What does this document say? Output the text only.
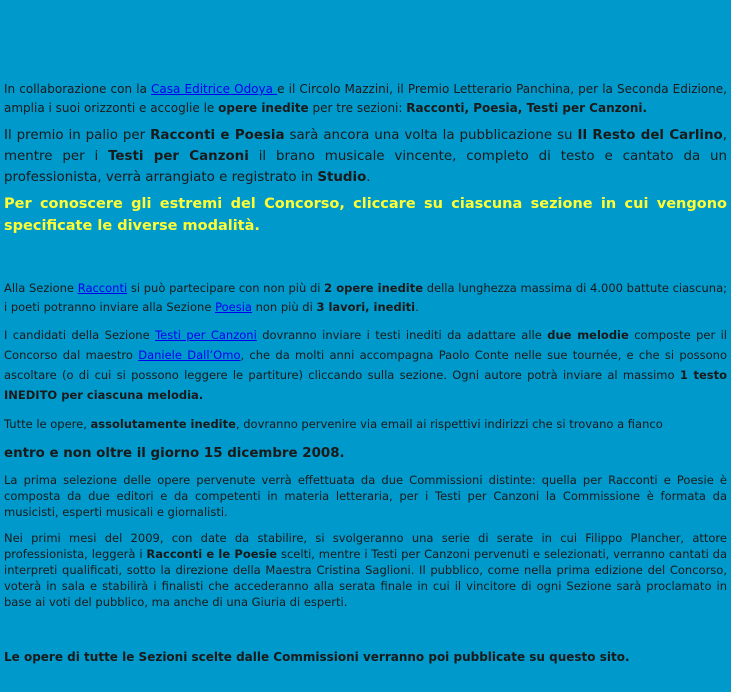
In collaborazione con la Casa Editrice Odoya e il Circolo Mazzini, il Premio Letterario Panchina, per la Seconda Edizione, amplia i suoi orizzonti e accoglie le opere inedite per tre sezioni: Racconti, Poesia, Testi per Canzoni.

Il premio in palio per Racconti e Poesia sarà ancora una volta la pubblicazione su Il Resto del Carlino, mentre per i Testi per Canzoni il brano musicale vincente, completo di testo e cantato da un professionista, verrà arrangiato e registrato in Studio.

Per conoscere gli estremi del Concorso, cliccare su ciascuna sezione in cui vengono specificate le diverse modalità.

Alla Sezione Racconti si può partecipare con non più di 2 opere inedite della lunghezza massima di 4.000 battute ciascuna; i poeti potranno inviare alla Sezione Poesia non più di 3 lavori, inediti.

I candidati della Sezione Testi per Canzoni dovranno inviare i testi inediti da adattare alle due melodie composte per il Concorso dal maestro Daniele Dall’Omo, che da molti anni accompagna Paolo Conte nelle sue tournée, e che si possono ascoltare (o di cui si possono leggere le partiture) cliccando sulla sezione. Ogni autore potrà inviare al massimo 1 testo INEDITO per ciascuna melodia.

Tutte le opere, assolutamente inedite, dovranno pervenire via email ai rispettivi indirizzi che si trovano a fianco

entro e non oltre il giorno 15 dicembre 2008.

La prima selezione delle opere pervenute verrà effettuata da due Commissioni distinte: quella per Racconti e Poesie è composta da due editori e da competenti in materia letteraria, per i Testi per Canzoni la Commissione è formata da musicisti, esperti musicali e giornalisti.

Nei primi mesi del 2009, con date da stabilire, si svolgeranno una serie di serate in cui Filippo Plancher, attore professionista, leggerà i Racconti e le Poesie scelti, mentre i Testi per Canzoni pervenuti e selezionati, verranno cantati da interpreti qualificati, sotto la direzione della Maestra Cristina Saglioni. Il pubblico, come nella prima edizione del Concorso, voterà in sala e stabilirà i finalisti che accederanno alla serata finale in cui il vincitore di ogni Sezione sarà proclamato in base ai voti del pubblico, ma anche di una Giuria di esperti.

Le opere di tutte le Sezioni scelte dalle Commissioni verranno poi pubblicate su questo sito.
